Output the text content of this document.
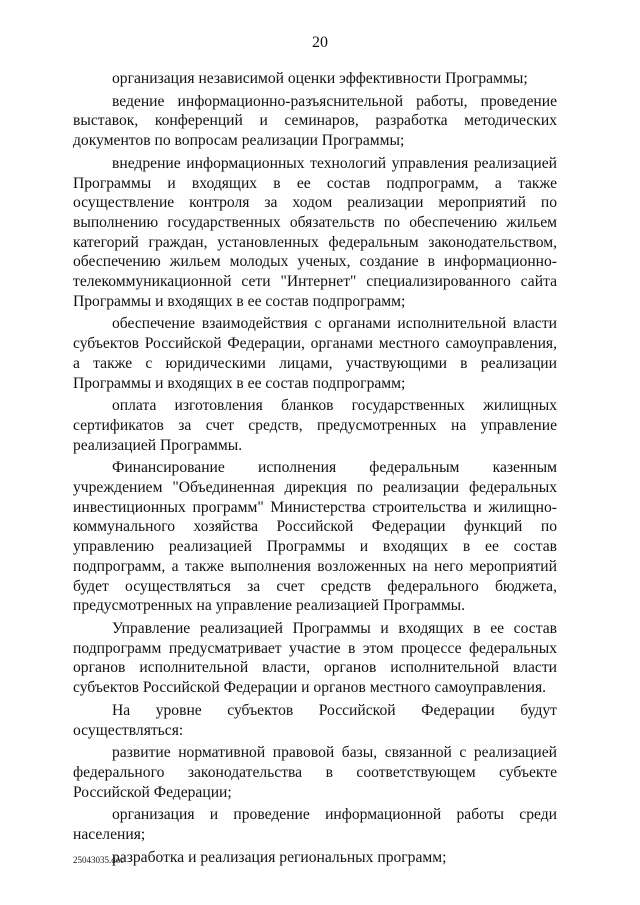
20

организация независимой оценки эффективности Программы;

ведение информационно-разъяснительной работы, проведение выставок, конференций и семинаров, разработка методических документов по вопросам реализации Программы;

внедрение информационных технологий управления реализацией Программы и входящих в ее состав подпрограмм, а также осуществление контроля за ходом реализации мероприятий по выполнению государственных обязательств по обеспечению жильем категорий граждан, установленных федеральным законодательством, обеспечению жильем молодых ученых, создание в информационно-телекоммуникационной сети "Интернет" специализированного сайта Программы и входящих в ее состав подпрограмм;

обеспечение взаимодействия с органами исполнительной власти субъектов Российской Федерации, органами местного самоуправления, а также с юридическими лицами, участвующими в реализации Программы и входящих в ее состав подпрограмм;

оплата изготовления бланков государственных жилищных сертификатов за счет средств, предусмотренных на управление реализацией Программы.

Финансирование исполнения федеральным казенным учреждением "Объединенная дирекция по реализации федеральных инвестиционных программ" Министерства строительства и жилищно-коммунального хозяйства Российской Федерации функций по управлению реализацией Программы и входящих в ее состав подпрограмм, а также выполнения возложенных на него мероприятий будет осуществляться за счет средств федерального бюджета, предусмотренных на управление реализацией Программы.

Управление реализацией Программы и входящих в ее состав подпрограмм предусматривает участие в этом процессе федеральных органов исполнительной власти, органов исполнительной власти субъектов Российской Федерации и органов местного самоуправления.

На уровне субъектов Российской Федерации будут осуществляться:

развитие нормативной правовой базы, связанной с реализацией федерального законодательства в соответствующем субъекте Российской Федерации;

организация и проведение информационной работы среди населения;

разработка и реализация региональных программ;

25043035.doc
